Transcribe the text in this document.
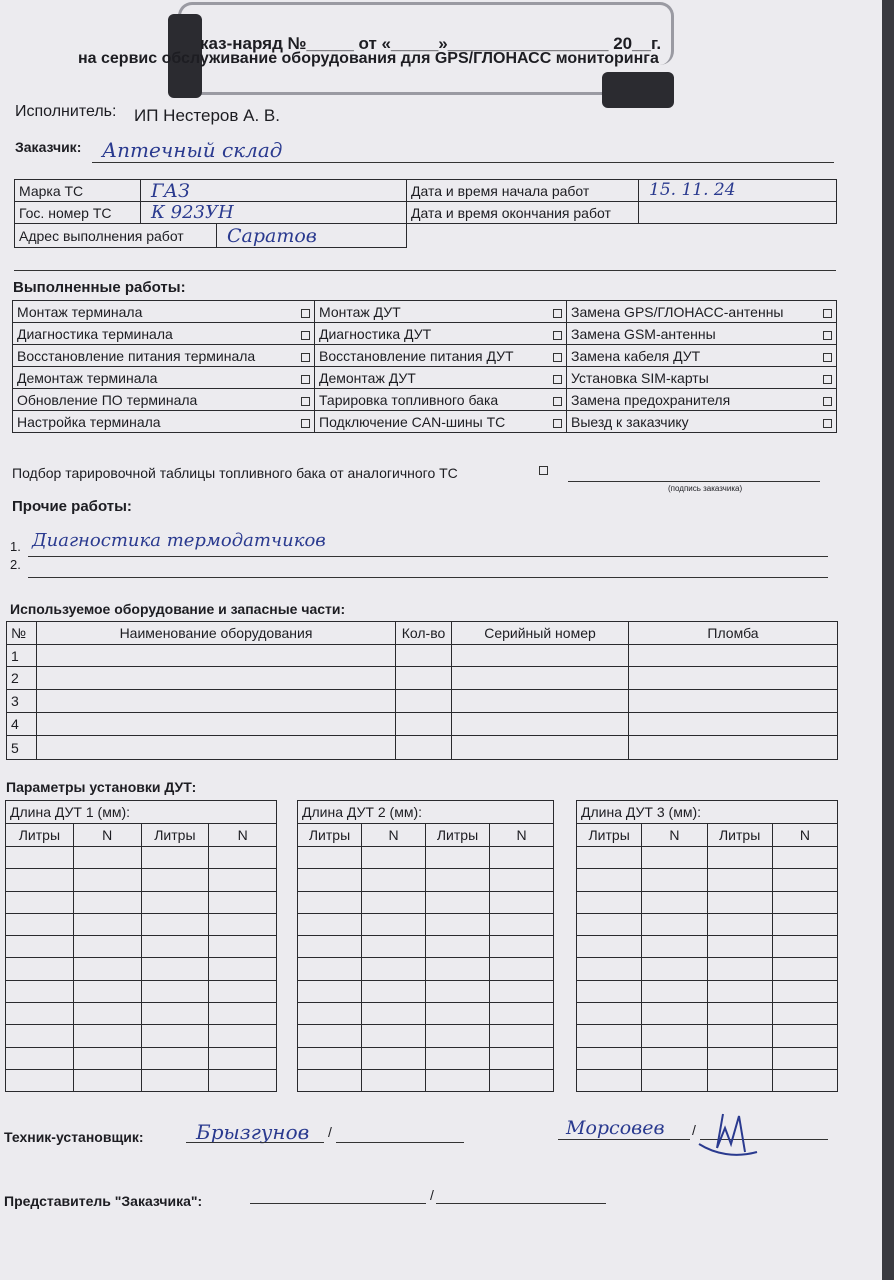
каз-наряд №_____ от «_____»_________________ 20__г.
на сервис обслуживание оборудования для GPS/ГЛОНАСС мониторинга
Исполнитель: ИП Нестеров А. В.
Заказчик: Аптечный склад
Марка ТС	ГАЗ		Дата и время начала работ	15. 11. 24

Гос. номер ТС	К 923УН		Дата и время окончания работ	
Адрес выполнения работ		Саратов		

Выполненные работы:
Монтаж терминала	Монтаж ДУТ	Замена GPS/ГЛОНАСС-антенны

Диагностика терминала	Диагностика ДУТ	Замена GSM-антенны

Восстановление питания терминала	Восстановление питания ДУТ	Замена кабеля ДУТ

Демонтаж терминала	Демонтаж ДУТ	Установка SIM-карты

Обновление ПО терминала	Тарировка топливного бака	Замена предохранителя

Настройка терминала	Подключение CAN-шины ТС	Выезд к заказчику
Подбор тарировочной таблицы топливного бака от аналогичного ТС
(подпись заказчика)
Прочие работы:
1. Диагностика термодатчиков
2.
Используемое оборудование и запасные части:
№	Наименование оборудования	Кол-во	Серийный номер	Пломба
1				
2				
3				
4				
5				
Параметры установки ДУТ:
Длина ДУТ 1 (мм):			
Литры	N	Литры	N

Длина ДУТ 2 (мм):			
Литры	N	Литры	N

Длина ДУТ 3 (мм):			
Литры	N	Литры	N

Техник-установщик:	Брызгунов /	Морсовев /
Представитель "Заказчика":	/
